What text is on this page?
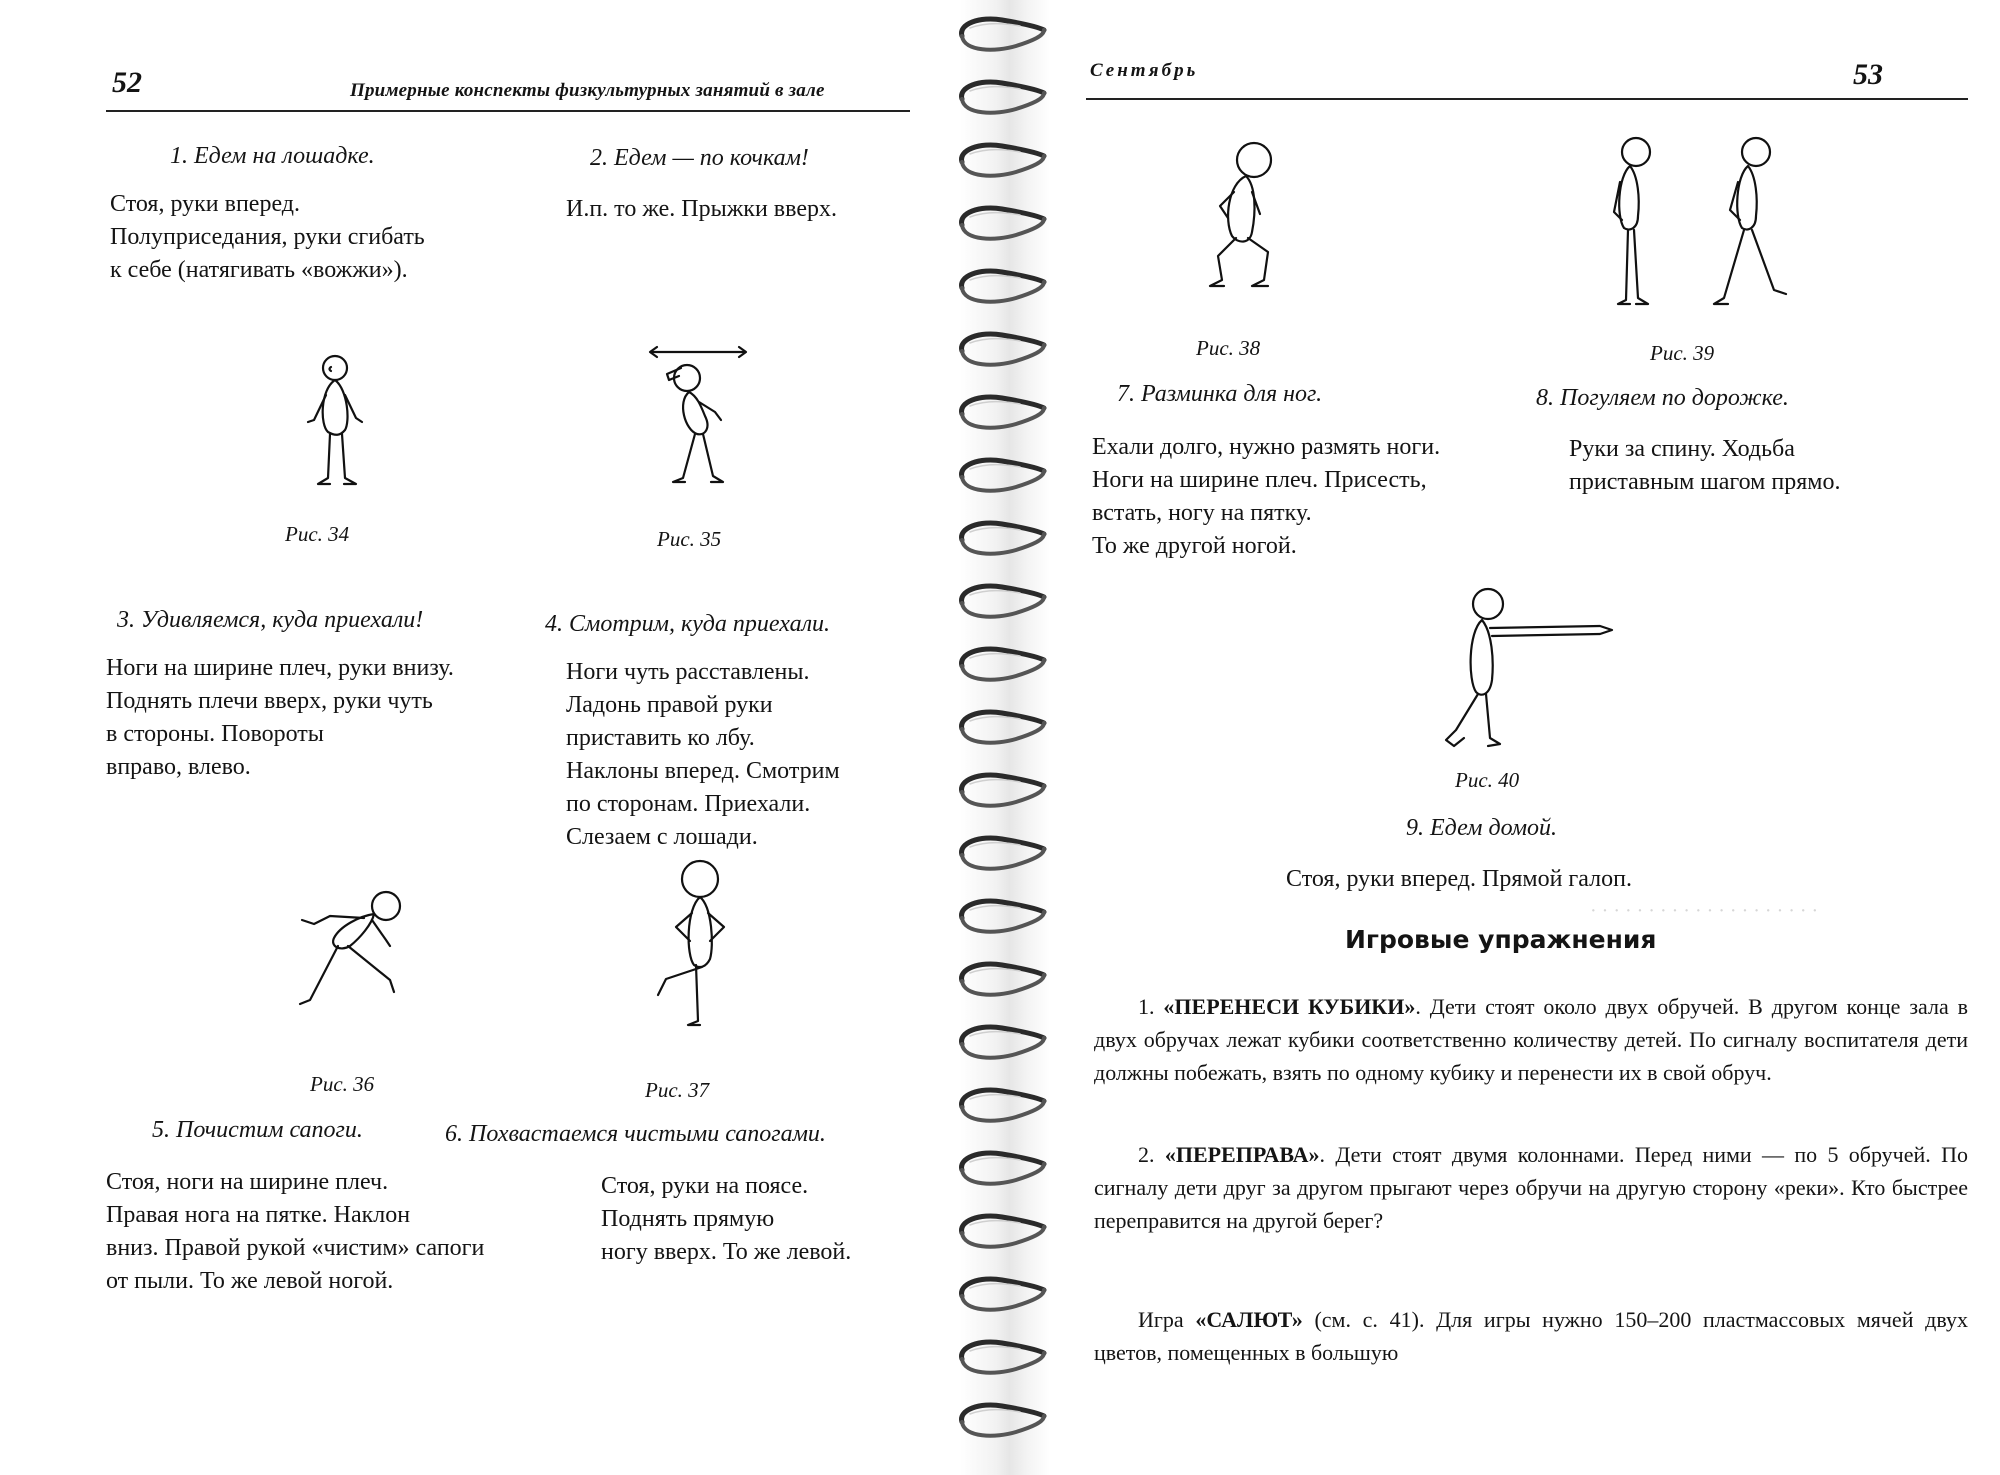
52	Примерные конспекты физкультурных занятий в зале
1. Едем на лошадке.
Стоя, руки вперед.
Полуприседания, руки сгибать
к себе (натягивать «вожжи»).
2. Едем — по кочкам!
И.п. то же. Прыжки вверх.
Рис. 34	Рис. 35
3. Удивляемся, куда приехали!
Ноги на ширине плеч, руки внизу.
Поднять плечи вверх, руки чуть
в стороны. Повороты
вправо, влево.
4. Смотрим, куда приехали.
Ноги чуть расставлены.
Ладонь правой руки
приставить ко лбу.
Наклоны вперед. Смотрим
по сторонам. Приехали.
Слезаем с лошади.
Рис. 36	Рис. 37
5. Почистим сапоги.
Стоя, ноги на ширине плеч.
Правая нога на пятке. Наклон
вниз. Правой рукой «чистим» сапоги
от пыли. То же левой ногой.
6. Похвастаемся чистыми сапогами.
Стоя, руки на поясе.
Поднять прямую
ногу вверх. То же левой.
Сентябрь	53
Рис. 38	Рис. 39
7. Разминка для ног.
Ехали долго, нужно размять ноги.
Ноги на ширине плеч. Присесть,
встать, ногу на пятку.
То же другой ногой.
8. Погуляем по дорожке.
Руки за спину. Ходьба
приставным шагом прямо.
Рис. 40
9. Едем домой.
Стоя, руки вперед. Прямой галоп.
· · · · · · · · · · · · · · · · · · · ·
Игровые упражнения
1. «ПЕРЕНЕСИ КУБИКИ». Дети стоят около двух обручей. В другом конце зала в двух обручах лежат кубики соответственно количеству детей. По сигналу воспитателя дети должны побежать, взять по одному кубику и перенести их в свой обруч.
2. «ПЕРЕПРАВА». Дети стоят двумя колоннами. Перед ними — по 5 обручей. По сигналу дети друг за другом прыгают через обручи на другую сторону «реки». Кто быстрее переправится на другой берег?
Игра «САЛЮТ» (см. с. 41). Для игры нужно 150–200 пластмассовых мячей двух цветов, помещенных в большую
